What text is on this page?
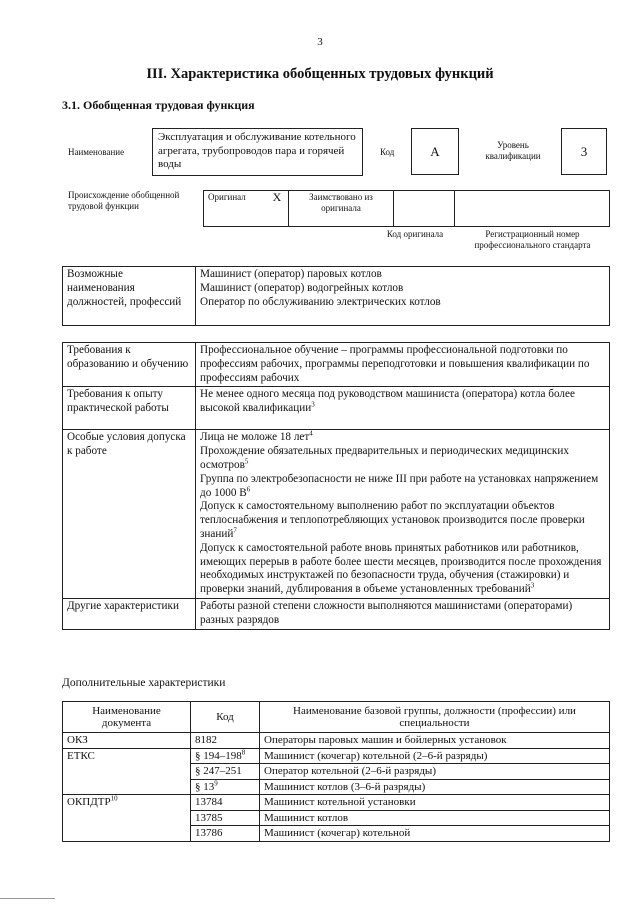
3
III. Характеристика обобщенных трудовых функций
3.1. Обобщенная трудовая функция
Наименование
Эксплуатация и обслуживание котельного агрегата, трубопроводов пара и горячей воды
Код	А	Уровень квалификации	3
Происхождение обобщенной трудовой функции
Оригинал	Х	Заимствовано из оригинала		
Код оригинала	Регистрационный номер профессионального стандарта
Возможные наименования должностей, профессий	
Машинист (оператор) паровых котлов
Машинист (оператор) водогрейных котлов
Оператор по обслуживанию электрических котлов
Требования к образованию и обучению	Профессиональное обучение – программы профессиональной подготовки по профессиям рабочих, программы переподготовки и повышения квалификации по профессиям рабочих
Требования к опыту практической работы	Не менее одного месяца под руководством машиниста (оператора) котла более высокой квалификации$^3$
Особые условия допуска к работе	Лица не моложе 18 лет$^4$
Прохождение обязательных предварительных и периодических медицинских осмотров$^5$
Группа по электробезопасности не ниже III при работе на установках напряжением до 1000 $В^6$
Допуск к самостоятельному выполнению работ по эксплуатации объектов теплоснабжения и теплопотребляющих установок производится после проверки знаний$^7$
Допуск к самостоятельной работе вновь принятых работников или работников, имеющих перерыв в работе более шести месяцев, производится после прохождения необходимых инструктажей по безопасности труда, обучения (стажировки) и проверки знаний, дублирования в объеме установленных требований$^3$

Другие характеристики	Работы разной степени сложности выполняются машинистами (операторами) разных разрядов
Дополнительные характеристики
Наименование документа	Код	Наименование базовой группы, должности (профессии) или специальности
ОКЗ	8182	Операторы паровых машин и бойлерных установок
ЕТКС	§ $194-198^8$	Машинист (кочегар) котельной (2–6-й разряды)
	§ 247–251	Оператор котельной (2–6-й разряды)
	§ $13^9$	Машинист котлов (3–6-й разряды)
ОКПДТР$^{10}$	13784	Машинист котельной установки
	13785	Машинист котлов
	13786	Машинист (кочегар) котельной
